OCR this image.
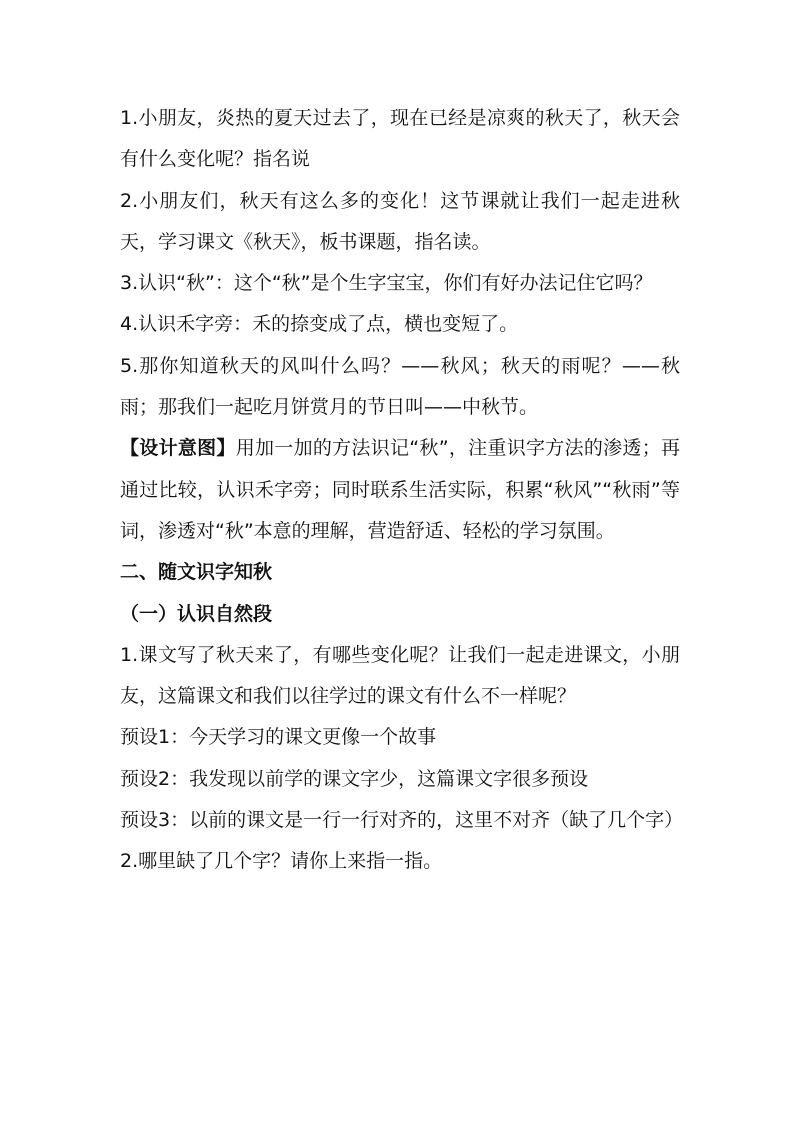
1.小朋友，炎热的夏天过去了，现在已经是凉爽的秋天了，秋天会有什么变化呢？指名说

2.小朋友们，秋天有这么多的变化！这节课就让我们一起走进秋天，学习课文《秋天》，板书课题，指名读。

3.认识“秋”：这个“秋”是个生字宝宝，你们有好办法记住它吗？

4.认识禾字旁：禾的捺变成了点，横也变短了。

5.那你知道秋天的风叫什么吗？——秋风；秋天的雨呢？——秋雨；那我们一起吃月饼赏月的节日叫——中秋节。

【设计意图】用加一加的方法识记“秋”，注重识字方法的渗透；再通过比较，认识禾字旁；同时联系生活实际，积累“秋风”“秋雨”等词，渗透对“秋”本意的理解，营造舒适、轻松的学习氛围。

二、随文识字知秋

（一）认识自然段

1.课文写了秋天来了，有哪些变化呢？让我们一起走进课文，小朋友，这篇课文和我们以往学过的课文有什么不一样呢？

预设1：今天学习的课文更像一个故事

预设2：我发现以前学的课文字少，这篇课文字很多预设

预设3：以前的课文是一行一行对齐的，这里不对齐（缺了几个字）

2.哪里缺了几个字？请你上来指一指。
